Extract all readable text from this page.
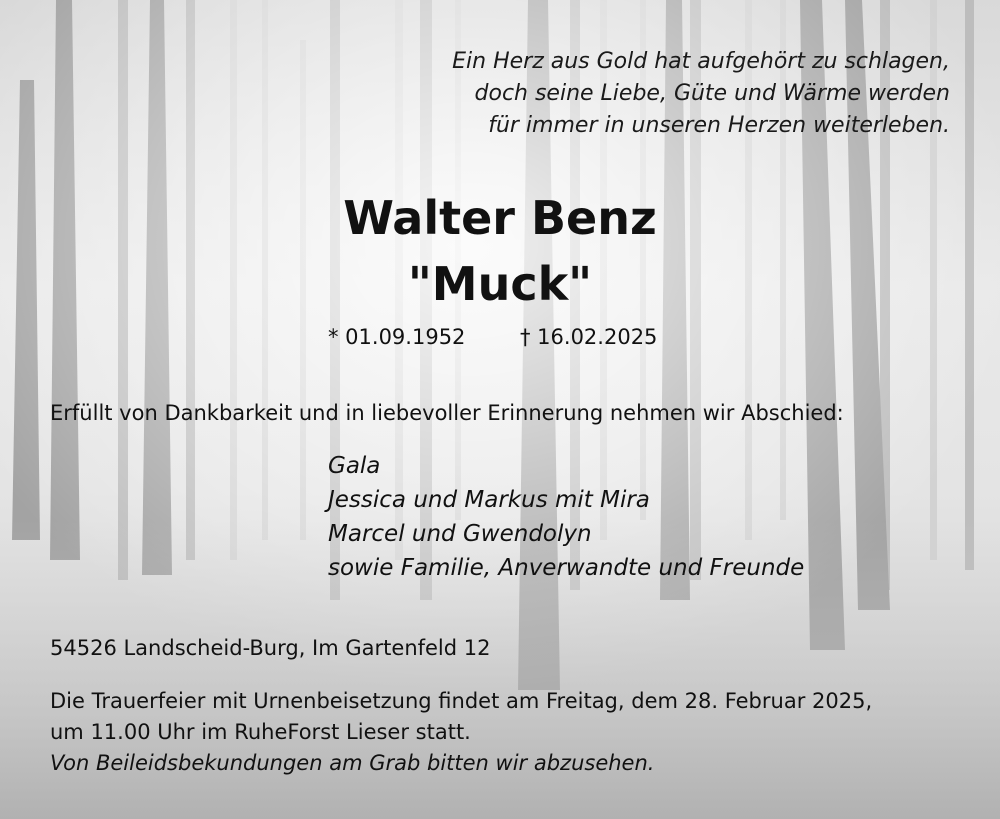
Ein Herz aus Gold hat aufgehört zu schlagen,
doch seine Liebe, Güte und Wärme werden
für immer in unseren Herzen weiterleben.
Walter Benz
"Muck"
* 01.09.1952	† 16.02.2025
Erfüllt von Dankbarkeit und in liebevoller Erinnerung nehmen wir Abschied:
Gala
Jessica und Markus mit Mira
Marcel und Gwendolyn
sowie Familie, Anverwandte und Freunde
54526 Landscheid-Burg, Im Gartenfeld 12
Die Trauerfeier mit Urnenbeisetzung findet am Freitag, dem 28. Februar 2025,
um 11.00 Uhr im RuheForst Lieser statt.
Von Beileidsbekundungen am Grab bitten wir abzusehen.
